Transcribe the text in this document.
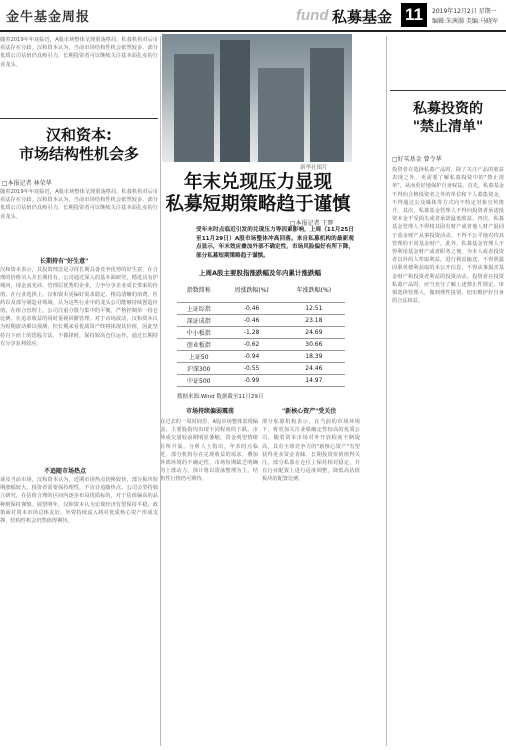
金牛基金周报	fund 私募基金 11	2019年12月2日 星期一
编辑:朱茜漪 美编:马晓军
随着2019年年底临近，A股市场整体呈现震荡格局，私募机构对后市看法存在分歧。汉和资本认为，当前市场结构性机会依然较多，部分优质公司估值仍具吸引力，长期投资者可以继续关注基本面扎实的行业龙头。
汉和资本:
市场结构性机会多
□本报记者 林荣华
随着2019年年底临近，A股市场整体呈现震荡格局，私募机构对后市看法存在分歧。汉和资本认为，当前市场结构性机会依然较多，部分优质公司估值仍具吸引力，长期投资者可以继续关注基本面扎实的行业龙头。
长期持有"好生意"
汉和资本表示，其投资理念是寻找长期具备竞争优势的好生意，在合理的价格买入并长期持有。公司通过深入的基本面研究，精选具有护城河、现金流充沛、管理层优秀的企业，力争分享企业成长带来的价值。在行业选择上，汉和资本更偏好需求稳定、格局清晰的消费、医药以及部分制造业领域，认为这些行业中的龙头公司能够持续创造价值。在组合管理上，公司注重分散与集中的平衡，严格控制单一持仓比例，在追求收益的同时重视回撤管理。对于市场波动，汉和资本认为短期波动难以预测，但长期来看优质资产终将体现其价值，因此坚持自下而上的选股方法，不做择时，保持较高仓位运作，通过长期持有分享复利效应。
不追随市场热点
谈及当前市场，汉和资本认为，近期市场热点切换较快，部分板块短期涨幅较大，投资者需要保持理性，不盲目追随热点。公司会坚持独立研究，在估值合理的区间内逐步布局优质标的，对于估值偏高的品种则保持谨慎。展望明年，汉和资本认为宏观经济有望保持平稳，政策面对资本市场总体友好，外资持续流入将对优质核心资产形成支撑，结构性机会仍然值得期待。
新华社图片
年末兑现压力显现
私募短期策略趋于谨慎
□本报记者 王辉
上周A股主要股指涨跌幅及年内累计涨跌幅
指数简称	周涨跌幅(%)	年涨跌幅(%)
上证综指	-0.46	12.51
深证成指	-0.46	23.18
中小板指	-1.28	24.69
创业板指	-0.62	30.66
上证50	-0.94	18.39
沪深300	-0.55	24.46
中证500	-0.99	14.97
数据来源:Wind 数据截至11月29日
受年末时点临近引发的兑现压力等因素影响，上周（11月25日至11月29日）A股市场整体冲高回落。来自私募机构的最新观点显示，年末效应叠加外部不确定性，市场风险偏好有所下降，部分私募短期策略趋于谨慎。
市场持续偏弱震荡
在过去的一周时间里，A股市场整体表现偏弱，主要股指均出现不同程度的下跌。市场成交量较前期明显萎缩，资金观望情绪有所升温。分析人士指出，年末时点临近，部分机构存在兑现收益的需求，叠加外部环境的不确定性，市场短期缺乏明确的上涨动力，预计将以震荡整理为主，结构性行情仍可期待。
"新核心资产"受关注
部分私募机构表示，在当前的市场环境下，将更加关注业绩确定性较高的优质公司。随着资本市场对外开放程度不断提高，具有全球竞争力的"新核心资产"有望获得更多资金青睐，长期投资价值值得关注。部分私募在仓位上保持相对稳定，并在行业配置上进行适度调整，降低高估值板块的配置比例。
私募投资的
"禁止清单"
□好买基金 曾令华
投资者在选择私募产品时，除了关注产品的收益表现之外，更需要了解私募投资中的"禁止清单"，从而更好地保护自身权益。首先，私募基金不得向合格投资者之外的单位和个人募集资金，不得通过公众媒体等方式向不特定对象宣传推介。其次，私募基金管理人不得向投资者承诺投资本金不受损失或者承诺最低收益。再次，私募基金管理人不得将其固有财产或者他人财产混同于基金财产从事投资活动，不得不公平地对待其管理的不同基金财产。此外，私募基金管理人不得利用基金财产或者职务之便，为本人或者投资者以外的人牟取利益，进行利益输送，不得泄露因职务便利获取的未公开信息，不得从事损害基金财产和投资者利益的投资活动。投资者在投资私募产品时，应当充分了解上述禁止性规定，审慎选择管理人，做到理性投资，切实维护好自身的合法权益。
